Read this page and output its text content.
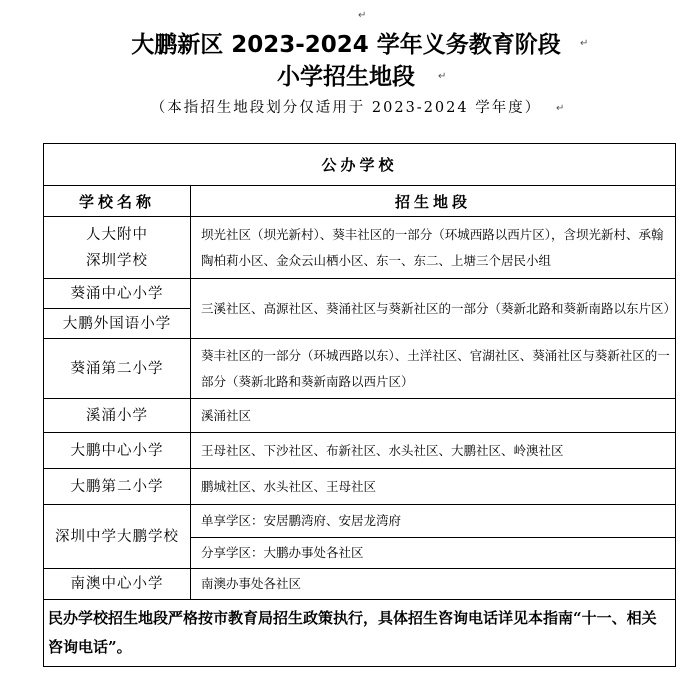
大鹏新区 2023-2024 学年义务教育阶段
小学招生地段
（本指招生地段划分仅适用于 2023-2024 学年度）
↵
↵
↵
↵
公办学校	
学校名称	招生地段

人大附中
深圳学校	坝光社区（坝光新村）、葵丰社区的一部分（环城西路以西片区），含坝光新村、承翰陶柏莉小区、金众云山栖小区、东一、东二、上塘三个居民小组
葵涌中心小学	三溪社区、高源社区、葵涌社区与葵新社区的一部分（葵新北路和葵新南路以东片区）
大鹏外国语小学	
葵涌第二小学	葵丰社区的一部分（环城西路以东）、土洋社区、官湖社区、葵涌社区与葵新社区的一部分（葵新北路和葵新南路以西片区）
溪涌小学	溪涌社区
大鹏中心小学	王母社区、下沙社区、布新社区、水头社区、大鹏社区、岭澳社区
大鹏第二小学	鹏城社区、水头社区、王母社区
深圳中学大鹏学校	单享学区：安居鹏湾府、安居龙湾府
	分享学区：大鹏办事处各社区
南澳中心小学	南澳办事处各社区
民办学校招生地段严格按市教育局招生政策执行，具体招生咨询电话详见本指南“十一、相关咨询电话”。	
